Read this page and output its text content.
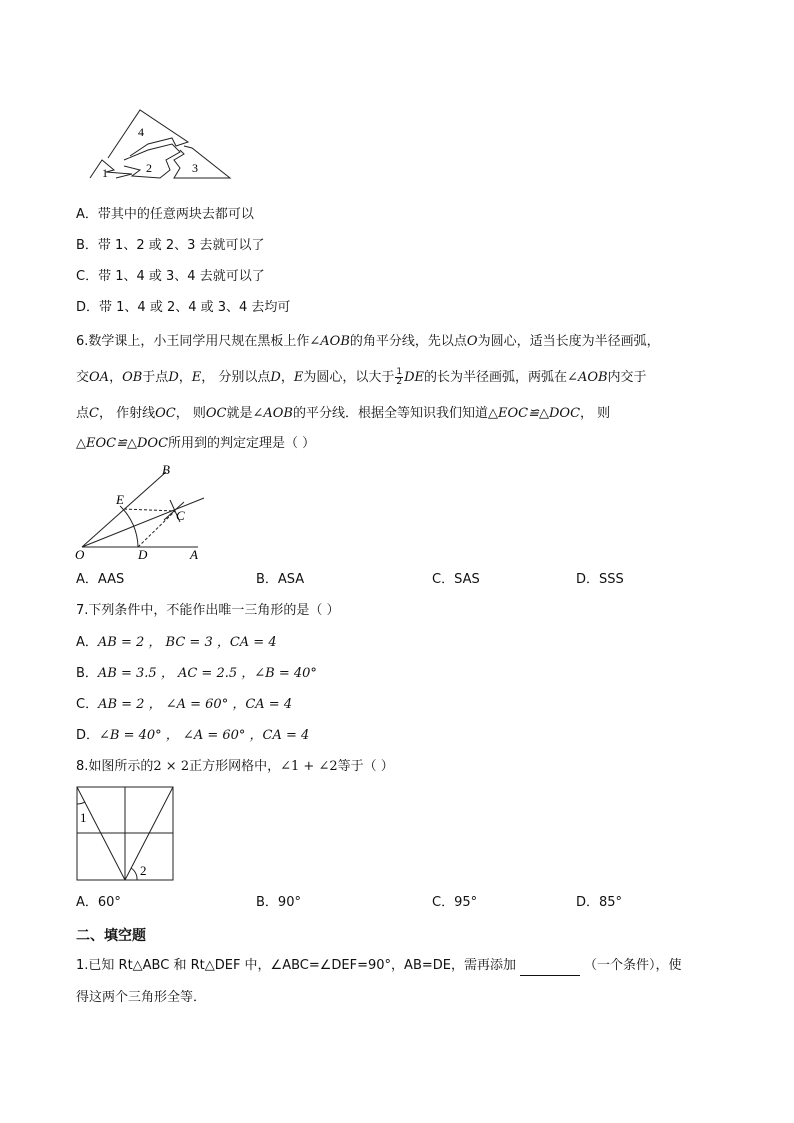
4
1	2	3
A．带其中的任意两块去都可以
B．带 1、2 或 2、3 去就可以了
C．带 1、4 或 3、4 去就可以了
D．带 1、4 或 2、4 或 3、4 去均可
6.数学课上，小王同学用尺规在黑板上作∠AOB的角平分线，先以点O为圆心，适当长度为半径画弧，
交OA，OB于点D，E， 分别以点D，E为圆心，以大于 $\frac{1}{2}$ DE的长为半径画弧，两弧在∠AOB内交于
点C， 作射线OC， 则OC就是∠AOB的平分线．根据全等知识我们知道△EOC≌△DOC， 则
△EOC≌△DOC所用到的判定定理是（ ）
B
E
C
O	D	A
A．AAS	B．ASA	C．SAS	D．SSS
7.下列条件中，不能作出唯一三角形的是（ ）
A．AB = 2 ， BC = 3 ，CA = 4
B．AB = 3.5 ， AC = 2.5 ，∠B = 40°
C．AB = 2 ， ∠A = 60° ，CA = 4
D．∠B = 40° ， ∠A = 60° ，CA = 4
8.如图所示的2 × 2正方形网格中，∠1 + ∠2等于（ ）
1
2
A．60°	B．90°	C．95°	D．85°
二、填空题
1.已知 Rt△ABC 和 Rt△DEF 中，∠ABC=∠DEF=90°，AB=DE，需再添加	（一个条件），使
得这两个三角形全等．
